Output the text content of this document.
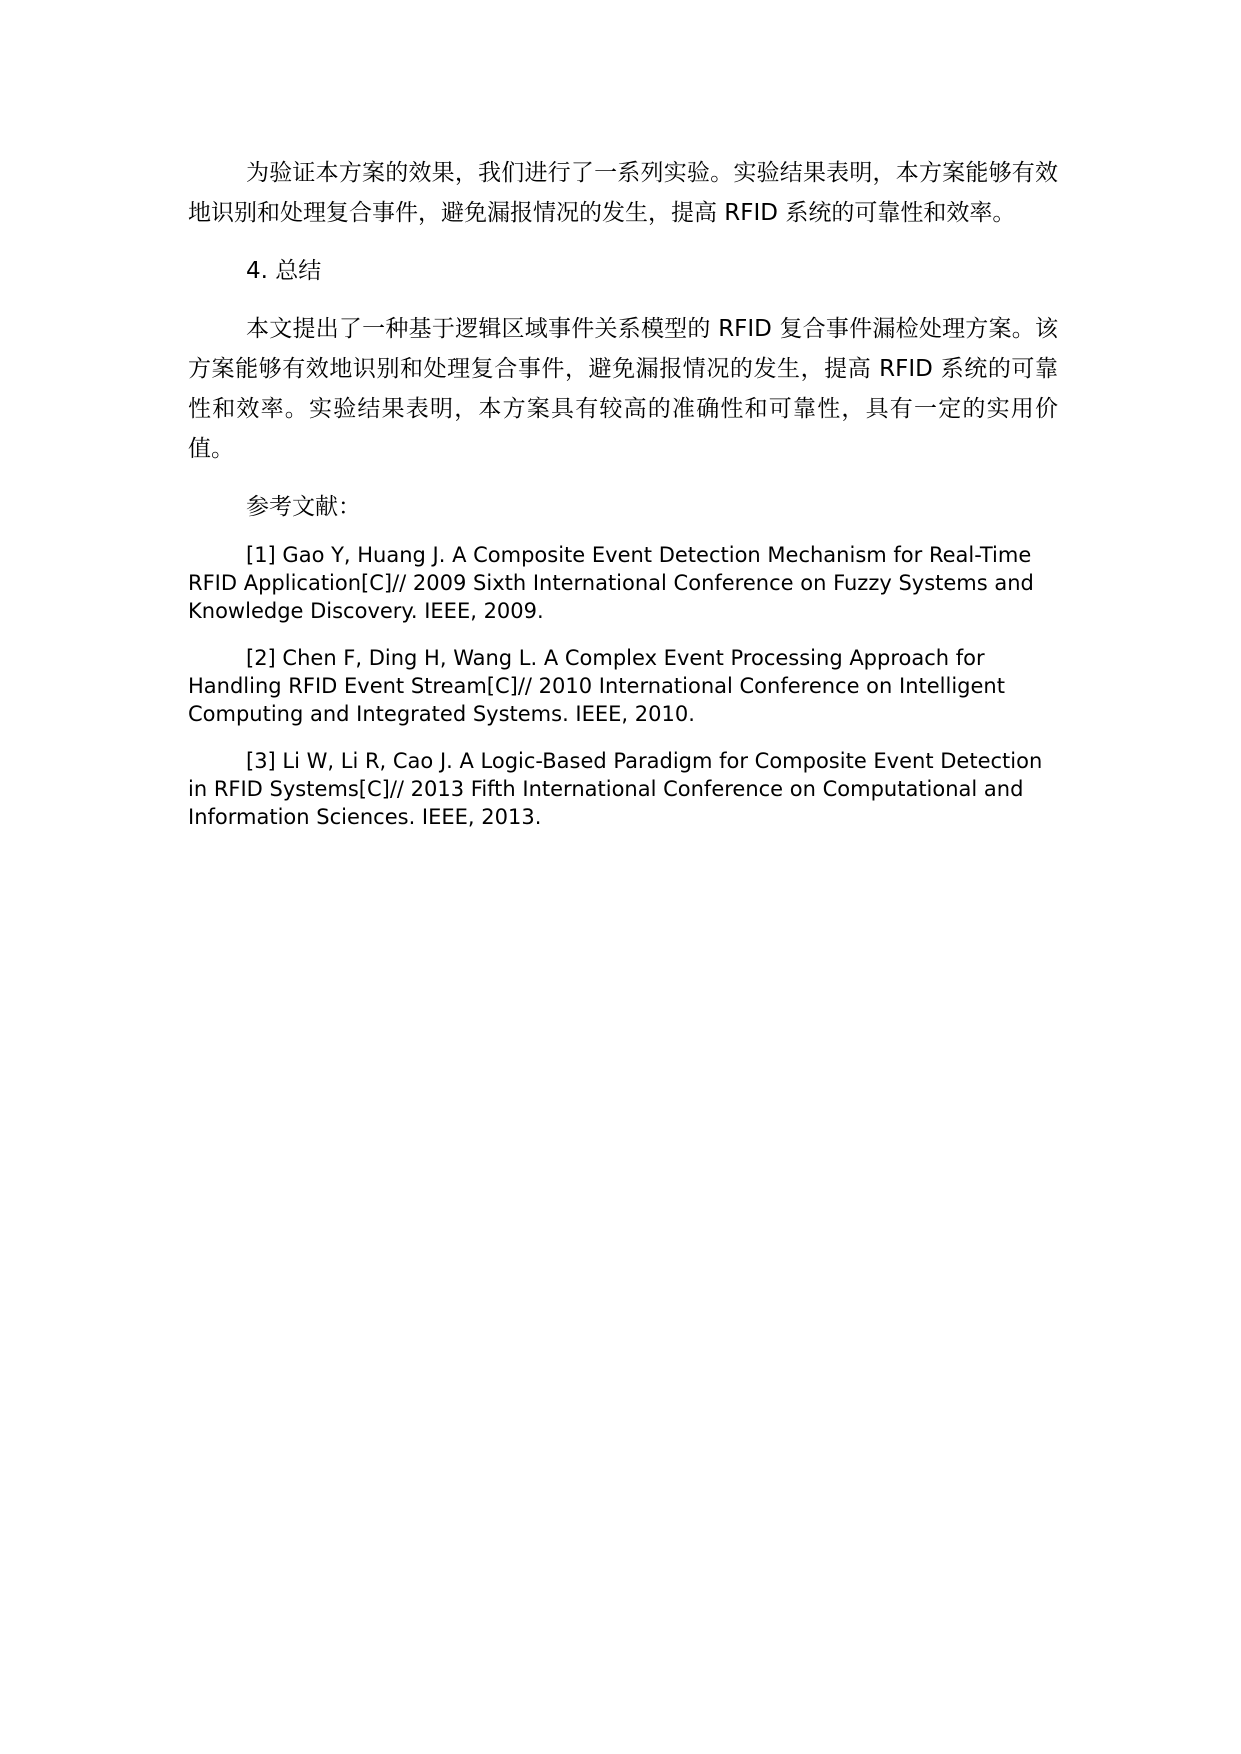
为验证本方案的效果，我们进行了一系列实验。实验结果表明，本方案能够有效地识别和处理复合事件，避免漏报情况的发生，提高 RFID 系统的可靠性和效率。

4. 总结

本文提出了一种基于逻辑区域事件关系模型的 RFID 复合事件漏检处理方案。该方案能够有效地识别和处理复合事件，避免漏报情况的发生，提高 RFID 系统的可靠性和效率。实验结果表明，本方案具有较高的准确性和可靠性，具有一定的实用价值。

参考文献：

[1] Gao Y, Huang J. A Composite Event Detection Mechanism for Real-Time RFID Application[C]// 2009 Sixth International Conference on Fuzzy Systems and Knowledge Discovery. IEEE, 2009.

[2] Chen F, Ding H, Wang L. A Complex Event Processing Approach for Handling RFID Event Stream[C]// 2010 International Conference on Intelligent Computing and Integrated Systems. IEEE, 2010.

[3] Li W, Li R, Cao J. A Logic-Based Paradigm for Composite Event Detection in RFID Systems[C]// 2013 Fifth International Conference on Computational and Information Sciences. IEEE, 2013.
